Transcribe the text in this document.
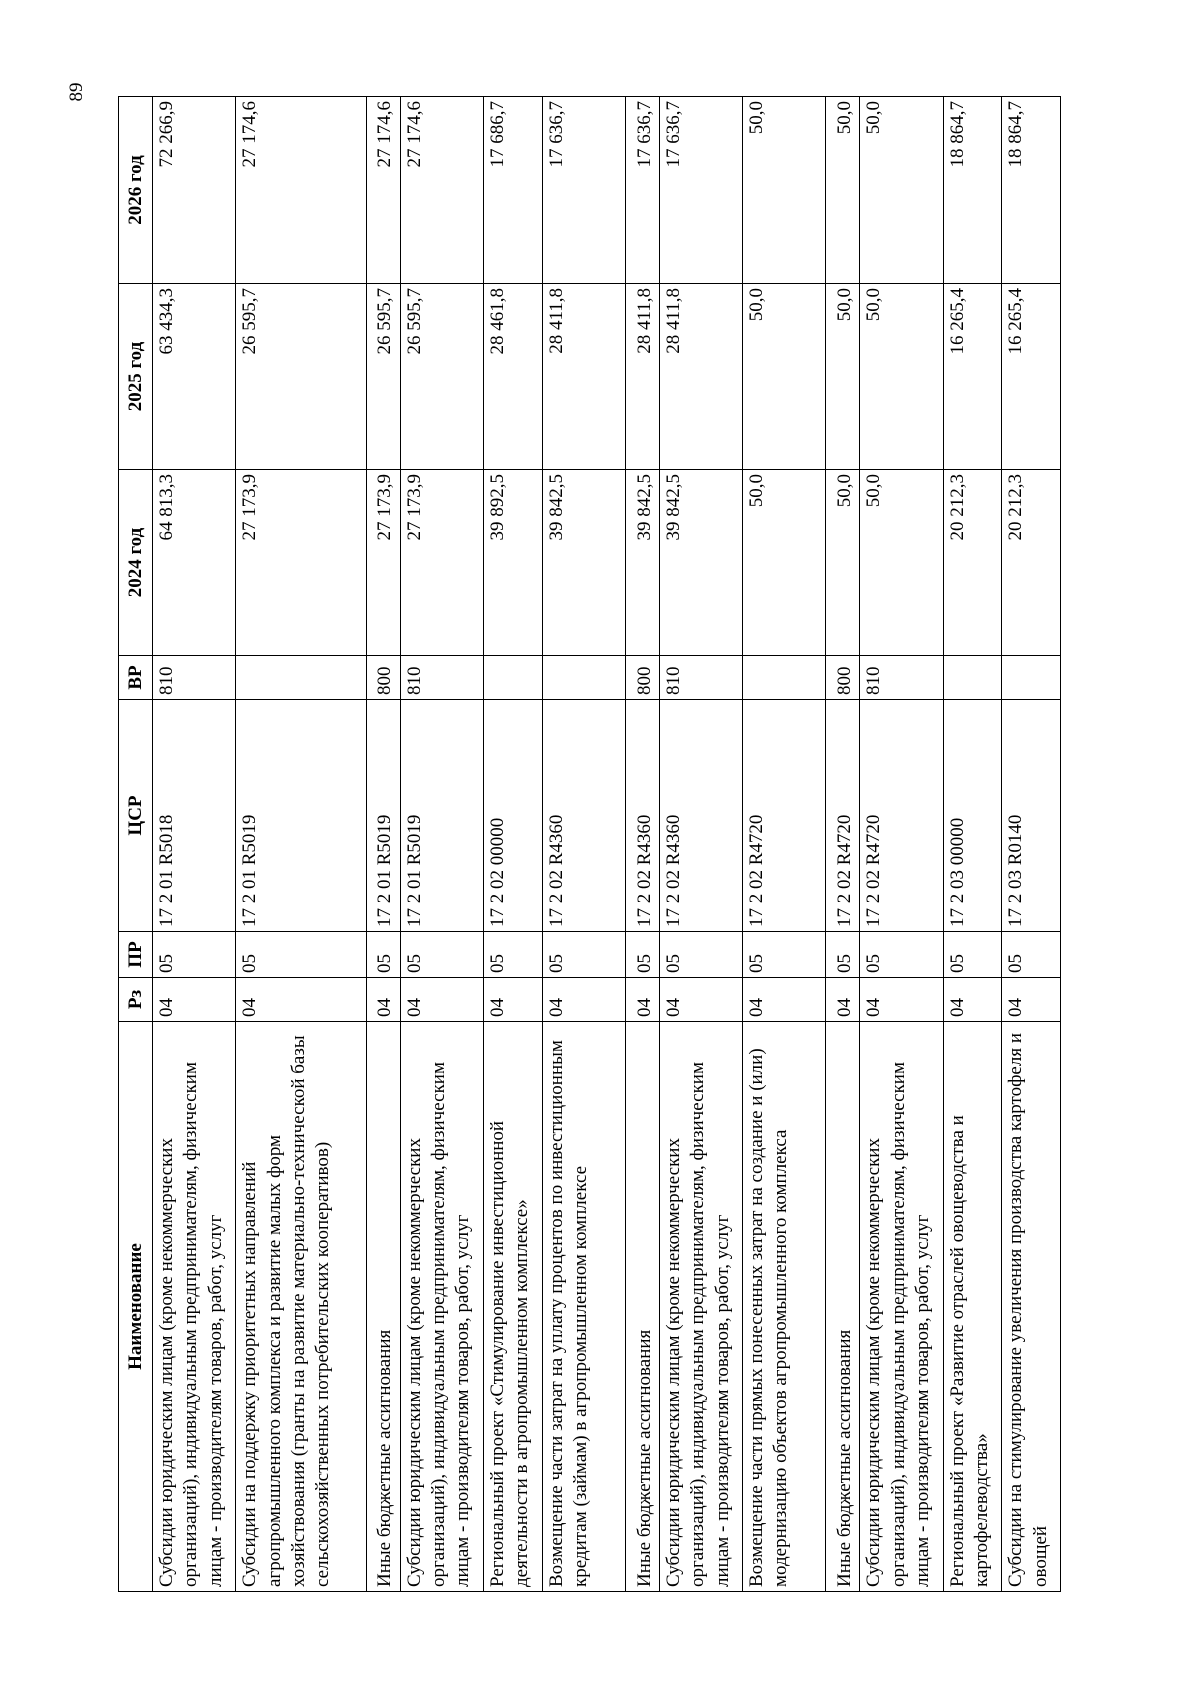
89
Наименование	Рз	ПР	ЦСР	ВР	2024 год	2025 год	2026 год
Субсидии юридическим лицам (кроме некоммерческих организаций), индивидуальным предпринимателям, физическим лицам - производителям товаров, работ, услуг	04	05	17 2 01 R5018	810	64 813,3	63 434,3	72 266,9
Субсидии на поддержку приоритетных направлений агропромышленного комплекса и развитие малых форм хозяйствования (гранты на развитие материально-технической базы сельскохозяйственных потребительских кооперативов)	04	05	17 2 01 R5019		27 173,9	26 595,7	27 174,6
Иные бюджетные ассигнования	04	05	17 2 01 R5019	800	27 173,9	26 595,7	27 174,6
Субсидии юридическим лицам (кроме некоммерческих организаций), индивидуальным предпринимателям, физическим лицам - производителям товаров, работ, услуг	04	05	17 2 01 R5019	810	27 173,9	26 595,7	27 174,6
Региональный проект «Стимулирование инвестиционной деятельности в агропромышленном комплексе»	04	05	17 2 02 00000		39 892,5	28 461,8	17 686,7
Возмещение части затрат на уплату процентов по инвестиционным кредитам (займам) в агропромышленном комплексе	04	05	17 2 02 R4360		39 842,5	28 411,8	17 636,7
Иные бюджетные ассигнования	04	05	17 2 02 R4360	800	39 842,5	28 411,8	17 636,7
Субсидии юридическим лицам (кроме некоммерческих организаций), индивидуальным предпринимателям, физическим лицам - производителям товаров, работ, услуг	04	05	17 2 02 R4360	810	39 842,5	28 411,8	17 636,7
Возмещение части прямых понесенных затрат на создание и (или) модернизацию объектов агропромышленного комплекса	04	05	17 2 02 R4720		50,0	50,0	50,0
Иные бюджетные ассигнования	04	05	17 2 02 R4720	800	50,0	50,0	50,0
Субсидии юридическим лицам (кроме некоммерческих организаций), индивидуальным предпринимателям, физическим лицам - производителям товаров, работ, услуг	04	05	17 2 02 R4720	810	50,0	50,0	50,0
Региональный проект «Развитие отраслей овощеводства и картофелеводства»	04	05	17 2 03 00000		20 212,3	16 265,4	18 864,7
Субсидии на стимулирование увеличения производства картофеля и овощей	04	05	17 2 03 R0140		20 212,3	16 265,4	18 864,7
